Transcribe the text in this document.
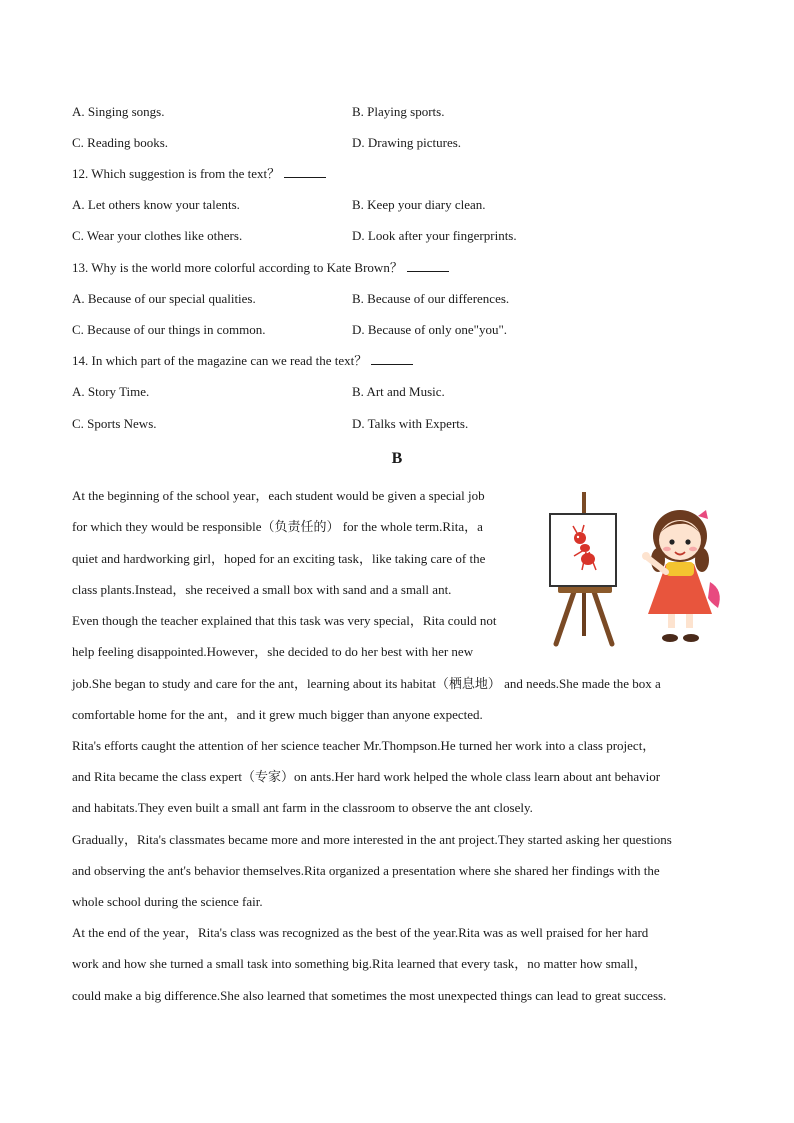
A. Singing songs.	B. Playing sports.
C. Reading books.	D. Drawing pictures.
12. Which suggestion is from the text？
A. Let others know your talents.	B. Keep your diary clean.
C. Wear your clothes like others.	D. Look after your fingerprints.
13. Why is the world more colorful according to Kate Brown？
A. Because of our special qualities.	B. Because of our differences.
C. Because of our things in common.	D. Because of only one"you".
14. In which part of the magazine can we read the text？
A. Story Time.	B. Art and Music.
C. Sports News.	D. Talks with Experts.
B
At the beginning of the school year，each student would be given a special job
for which they would be responsible（负责任的） for the whole term.Rita，a
quiet and hardworking girl，hoped for an exciting task，like taking care of the
class plants.Instead，she received a small box with sand and a small ant.
Even though the teacher explained that this task was very special，Rita could not
help feeling disappointed.However，she decided to do her best with her new
job.She began to study and care for the ant，learning about its habitat（栖息地） and needs.She made the box a
comfortable home for the ant，and it grew much bigger than anyone expected.
Rita's efforts caught the attention of her science teacher Mr.Thompson.He turned her work into a class project，
and Rita became the class expert（专家）on ants.Her hard work helped the whole class learn about ant behavior
and habitats.They even built a small ant farm in the classroom to observe the ant closely.
Gradually，Rita's classmates became more and more interested in the ant project.They started asking her questions
and observing the ant's behavior themselves.Rita organized a presentation where she shared her findings with the
whole school during the science fair.
At the end of the year，Rita's class was recognized as the best of the year.Rita was as well praised for her hard
work and how she turned a small task into something big.Rita learned that every task，no matter how small，
could make a big difference.She also learned that sometimes the most unexpected things can lead to great success.
